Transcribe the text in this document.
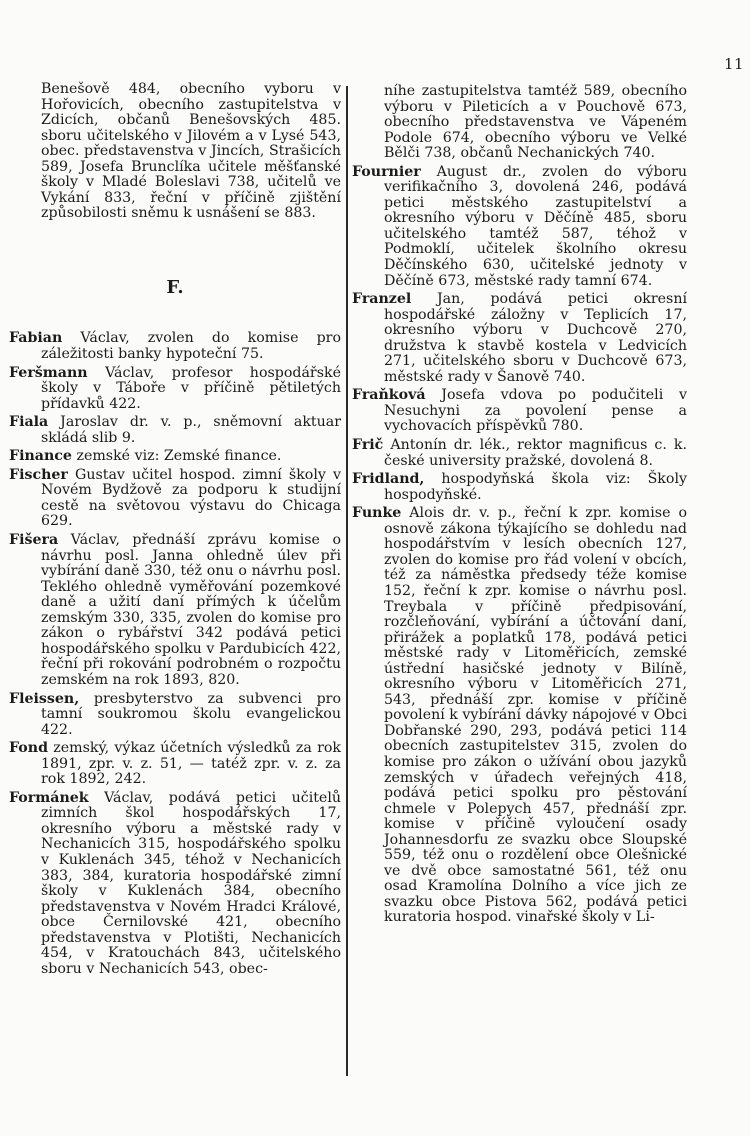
11

Benešově 484, obecního vyboru v Hořovicích, obecního zastupitelstva v Zdicích, občanů Benešovských 485. sboru učitelského v Jilovém a v Lysé 543, obec. představenstva v Jincích, Strašicích 589, Josefa Brunclíka učitele měšťanské školy v Mladé Boleslavi 738, učitelů ve Vykání 833, řeční v příčině zjištění způsobilosti sněmu k usnášení se 883.

F.

Fabian Václav, zvolen do komise pro záležitosti banky hypoteční 75.

Feršmann Václav, profesor hospodářské školy v Táboře v příčině pětiletých přídavků 422.

Fiala Jaroslav dr. v. p., sněmovní aktuar skládá slib 9.

Finance zemské viz: Zemské finance.

Fischer Gustav učitel hospod. zimní školy v Novém Bydžově za podporu k studijní cestě na světovou výstavu do Chicaga 629.

Fišera Václav, přednáší zprávu komise o návrhu posl. Janna ohledně úlev při vybírání daně 330, též onu o návrhu posl. Teklého ohledně vyměřování pozemkové daně a užití daní přímých k účelům zemským 330, 335, zvolen do komise pro zákon o rybářství 342 podává petici hospodářského spolku v Pardubicích 422, řeční při rokování podrobném o rozpočtu zemském na rok 1893, 820.

Fleissen, presbyterstvo za subvenci pro tamní soukromou školu evangelickou 422.

Fond zemský, výkaz účetních výsledků za rok 1891, zpr. v. z. 51, — tatéž zpr. v. z. za rok 1892, 242.

Formánek Václav, podává petici učitelů zimních škol hospodářských 17, okresního výboru a městské rady v Nechanicích 315, hospodářského spolku v Kuklenách 345, téhož v Nechanicích 383, 384, kuratoria hospodářské zimní školy v Kuklenách 384, obecního představenstva v Novém Hradci Králové, obce Černilovské 421, obecního představenstva v Plotišti, Nechanicích 454, v Kratouchách 843, učitelského sboru v Nechanicích 543, obec-

níhe zastupitelstva tamtéž 589, obecního výboru v Pileticích a v Pouchově 673, obecního představenstva ve Vápeném Podole 674, obecního výboru ve Velké Bělči 738, občanů Nechanických 740.

Fournier August dr., zvolen do výboru verifikačního 3, dovolená 246, podává petici městského zastupitelství a okresního výboru v Děčíně 485, sboru učitelského tamtéž 587, téhož v Podmoklí, učitelek školního okresu Děčínského 630, učitelské jednoty v Děčíně 673, městské rady tamní 674.

Franzel Jan, podává petici okresní hospodářské záložny v Teplicích 17, okresního výboru v Duchcově 270, družstva k stavbě kostela v Ledvicích 271, učitelského sboru v Duchcově 673, městské rady v Šanově 740.

Fraňková Josefa vdova po podučiteli v Nesuchyni za povolení pense a vychovacích příspěvků 780.

Frič Antonín dr. lék., rektor magnificus c. k. české university pražské, dovolená 8.

Fridland, hospodyňská škola viz: Školy hospodyňské.

Funke Alois dr. v. p., řeční k zpr. komise o osnově zákona týkajícího se dohledu nad hospodářstvím v lesích obecních 127, zvolen do komise pro řád volení v obcích, též za náměstka předsedy téže komise 152, řeční k zpr. komise o návrhu posl. Treybala v příčině předpisování, rozčleňování, vybírání a účtování daní, přirážek a poplatků 178, podává petici městské rady v Litoměřicích, zemské ústřední hasičské jednoty v Bilíně, okresního výboru v Litoměřicích 271, 543, přednáší zpr. komise v příčině povolení k vybírání dávky nápojové v Obci Dobřanské 290, 293, podává petici 114 obecních zastupitelstev 315, zvolen do komise pro zákon o užívání obou jazyků zemských v úřadech veřejných 418, podává petici spolku pro pěstování chmele v Polepych 457, přednáší zpr. komise v příčině vyloučení osady Johannesdorfu ze svazku obce Sloupské 559, též onu o rozdělení obce Olešnické ve dvě obce samostatné 561, též onu osad Kramolína Dolního a více jich ze svazku obce Pistova 562, podává petici kuratoria hospod. vinařské školy v Li-
